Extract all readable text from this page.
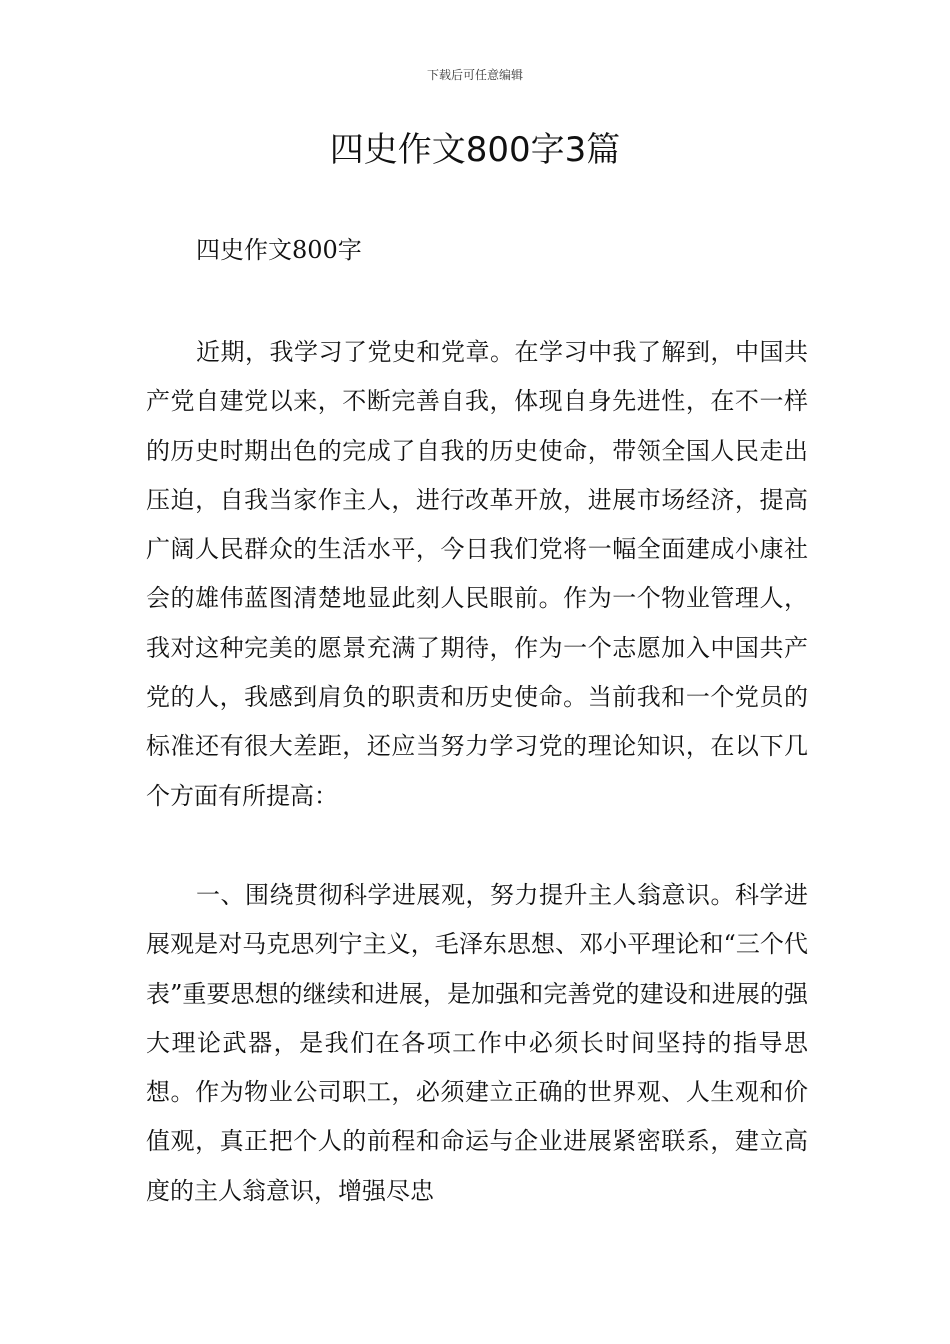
下载后可任意编辑
四史作文800字3篇

四史作文800字

近期，我学习了党史和党章。在学习中我了解到，中国共产党自建党以来，不断完善自我，体现自身先进性，在不一样的历史时期出色的完成了自我的历史使命，带领全国人民走出压迫，自我当家作主人，进行改革开放，进展市场经济，提高广阔人民群众的生活水平，今日我们党将一幅全面建成小康社会的雄伟蓝图清楚地显此刻人民眼前。作为一个物业管理人，我对这种完美的愿景充满了期待，作为一个志愿加入中国共产党的人，我感到肩负的职责和历史使命。当前我和一个党员的标准还有很大差距，还应当努力学习党的理论知识，在以下几个方面有所提高：

一、围绕贯彻科学进展观，努力提升主人翁意识。科学进展观是对马克思列宁主义，毛泽东思想、邓小平理论和“三个代表”重要思想的继续和进展，是加强和完善党的建设和进展的强大理论武器，是我们在各项工作中必须长时间坚持的指导思想。作为物业公司职工，必须建立正确的世界观、人生观和价值观，真正把个人的前程和命运与企业进展紧密联系，建立高度的主人翁意识，增强尽忠
